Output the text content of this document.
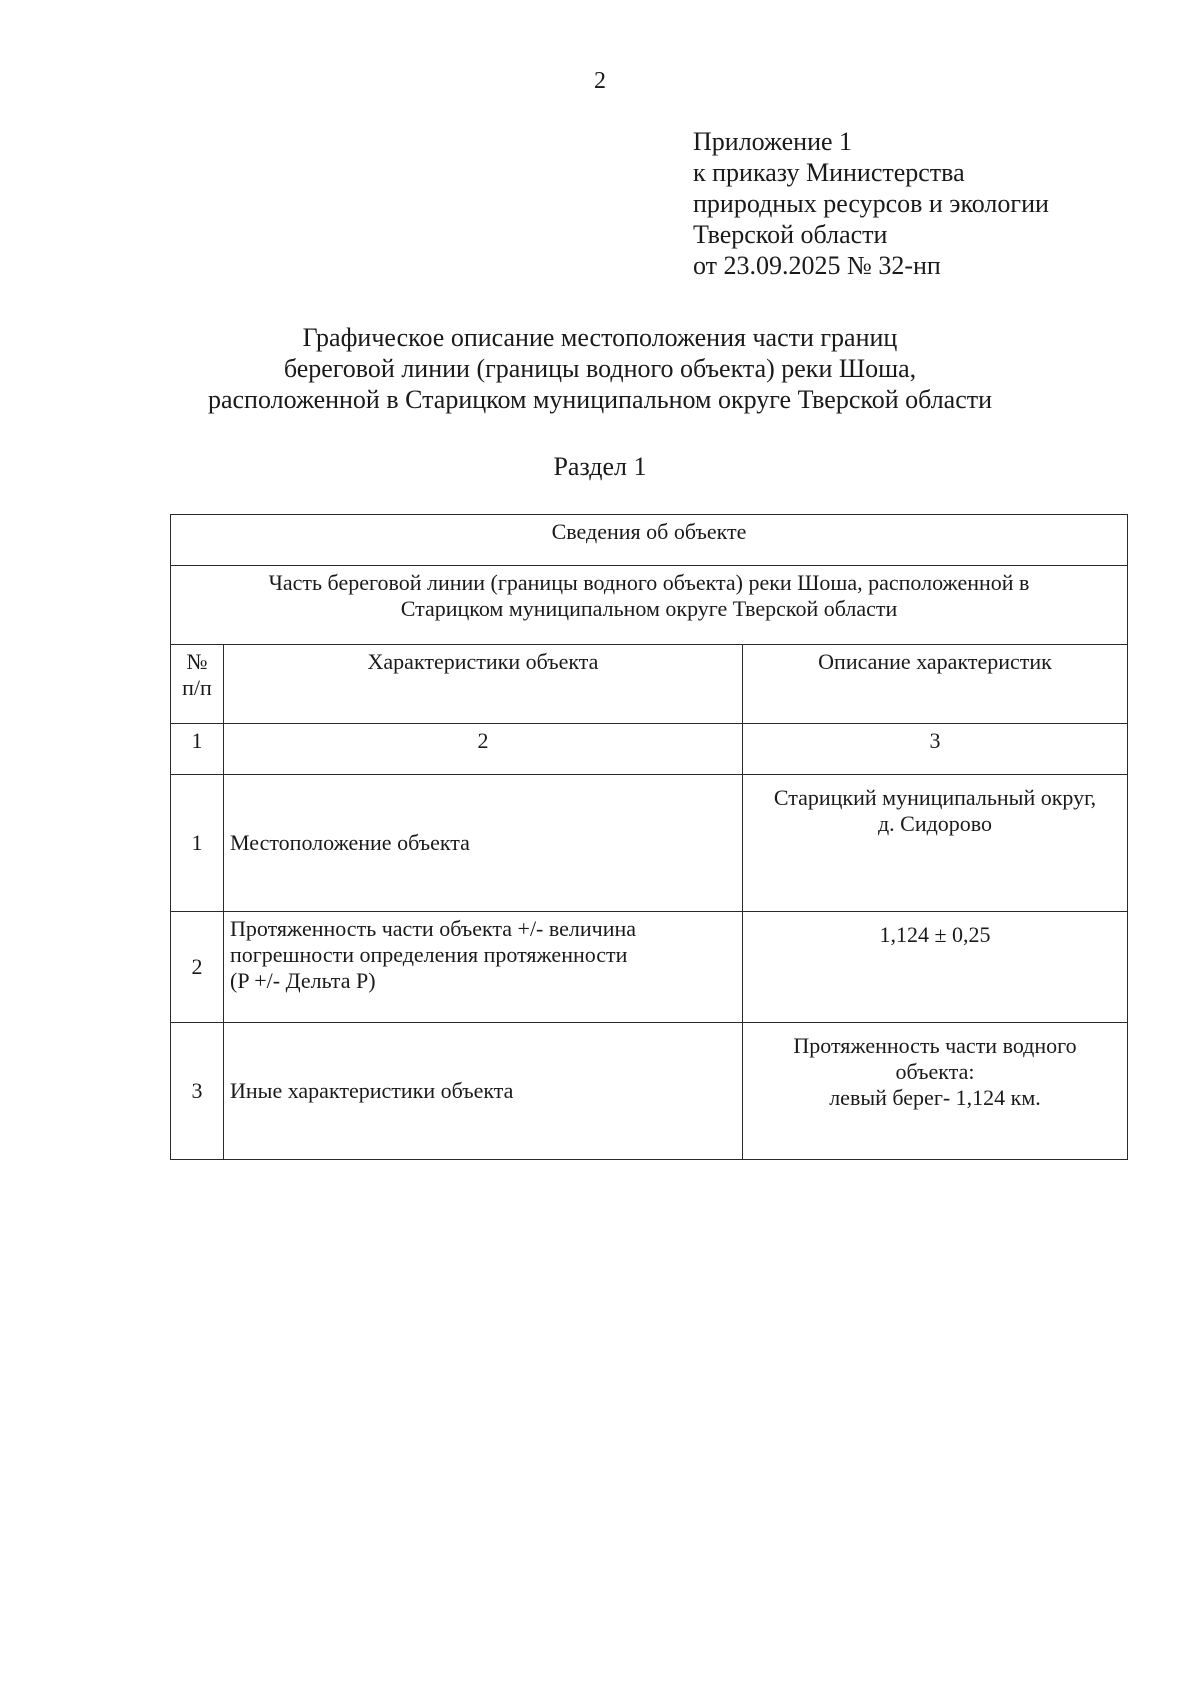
2
Приложение 1
к приказу Министерства
природных ресурсов и экологии
Тверской области
от 23.09.2025 № 32-нп
Графическое описание местоположения части границ
береговой линии (границы водного объекта) реки Шоша,
расположенной в Старицком муниципальном округе Тверской области
Раздел 1
Сведения об объекте		

Часть береговой линии (границы водного объекта) реки Шоша, расположенной в
Старицком муниципальном округе Тверской области		

№
п/п	Характеристики объекта	Описание характеристик
1	2	3
1	Местоположение объекта	Старицкий муниципальный округ,
д. Сидорово

2	Протяженность части объекта +/- величина
погрешности определения протяженности
(P +/- Дельта P)	1,124 ± 0,25

3	Иные характеристики объекта	Протяженность части водного
объекта:
левый берег- 1,124 км.
